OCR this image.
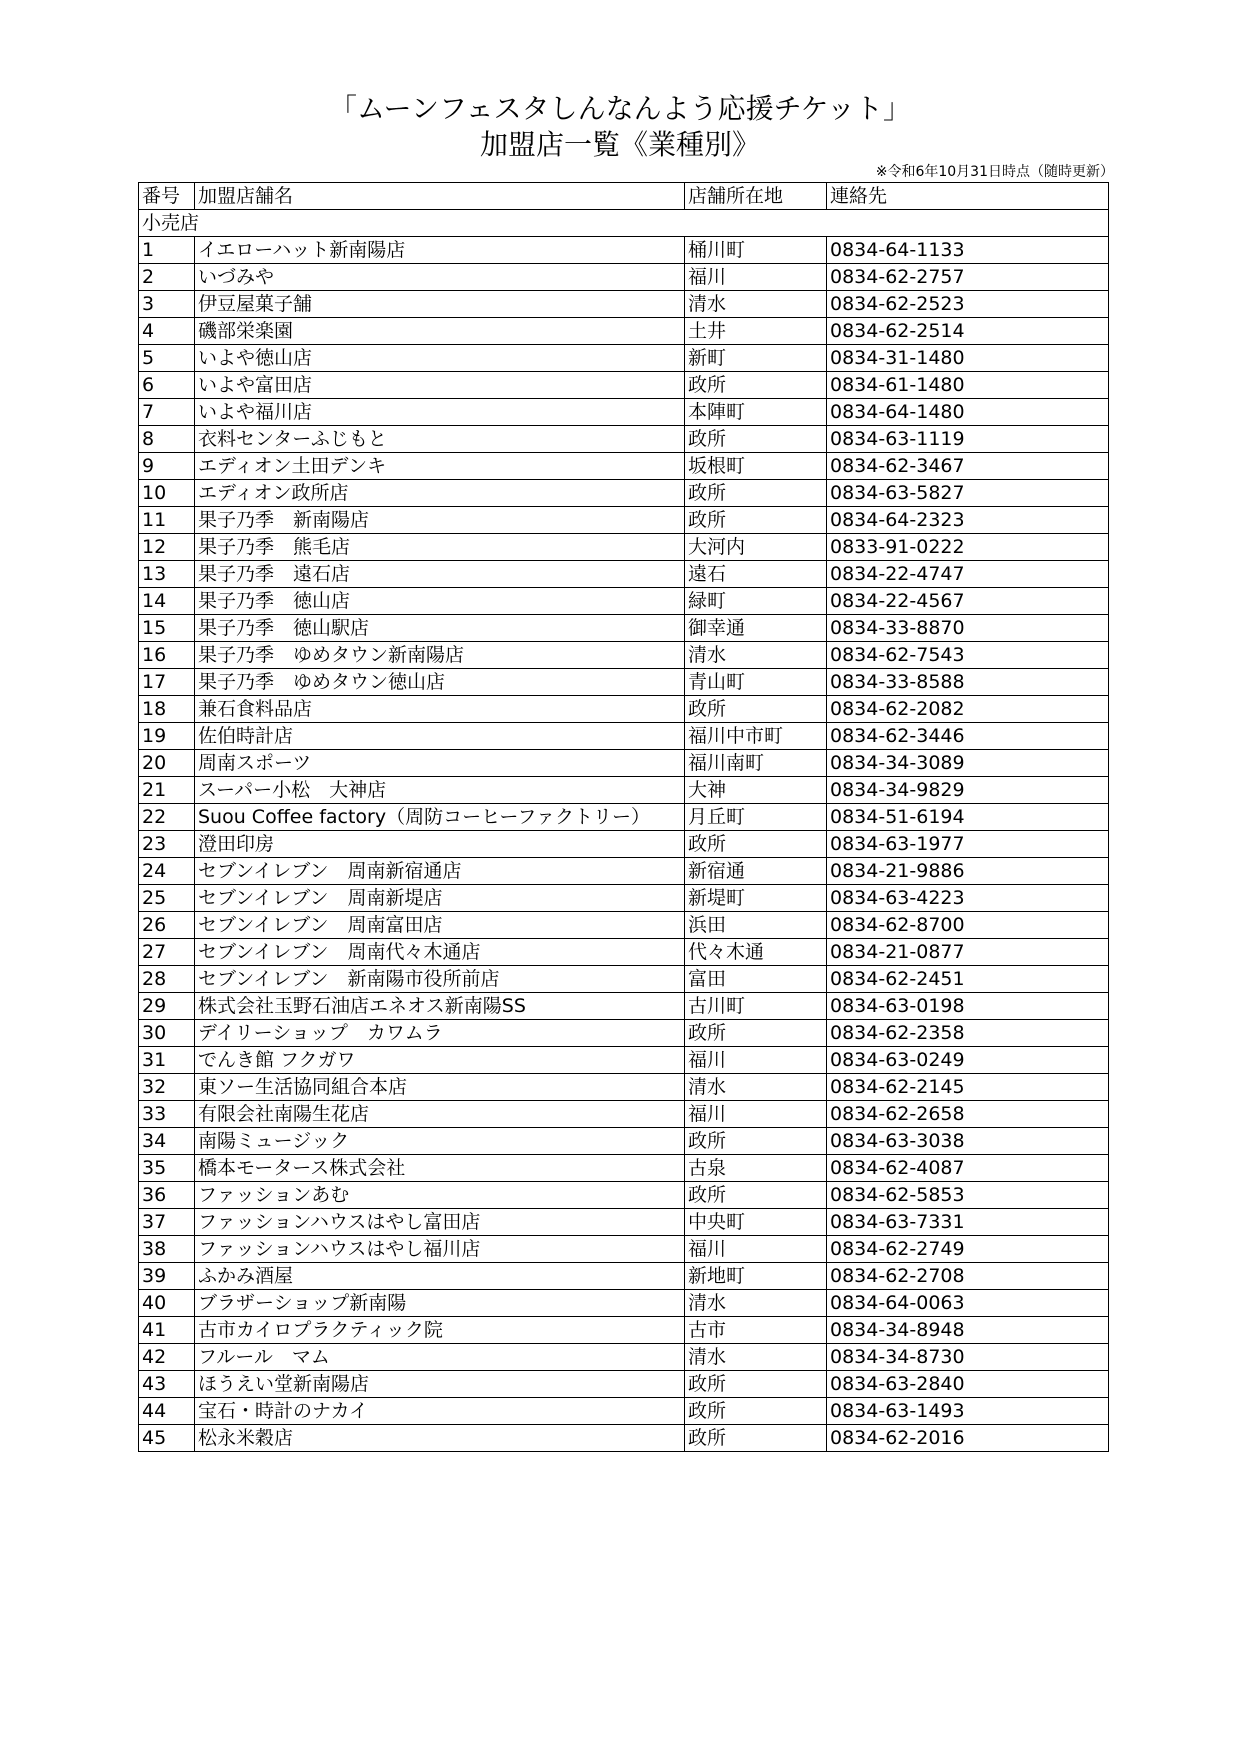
「ムーンフェスタしんなんよう応援チケット」
加盟店一覧《業種別》
※令和6年10月31日時点（随時更新）
番号	加盟店舗名	店舗所在地	連絡先
小売店			
1	イエローハット新南陽店	桶川町	0834-64-1133
2	いづみや	福川	0834-62-2757
3	伊豆屋菓子舗	清水	0834-62-2523
4	磯部栄楽園	土井	0834-62-2514
5	いよや徳山店	新町	0834-31-1480
6	いよや富田店	政所	0834-61-1480
7	いよや福川店	本陣町	0834-64-1480
8	衣料センターふじもと	政所	0834-63-1119
9	エディオン土田デンキ	坂根町	0834-62-3467
10	エディオン政所店	政所	0834-63-5827
11	果子乃季　新南陽店	政所	0834-64-2323
12	果子乃季　熊毛店	大河内	0833-91-0222
13	果子乃季　遠石店	遠石	0834-22-4747
14	果子乃季　徳山店	緑町	0834-22-4567
15	果子乃季　徳山駅店	御幸通	0834-33-8870
16	果子乃季　ゆめタウン新南陽店	清水	0834-62-7543
17	果子乃季　ゆめタウン徳山店	青山町	0834-33-8588
18	兼石食料品店	政所	0834-62-2082
19	佐伯時計店	福川中市町	0834-62-3446
20	周南スポーツ	福川南町	0834-34-3089
21	スーパー小松　大神店	大神	0834-34-9829
22	Suou Coffee factory（周防コーヒーファクトリー）	月丘町	0834-51-6194
23	澄田印房	政所	0834-63-1977
24	セブンイレブン　周南新宿通店	新宿通	0834-21-9886
25	セブンイレブン　周南新堤店	新堤町	0834-63-4223
26	セブンイレブン　周南富田店	浜田	0834-62-8700
27	セブンイレブン　周南代々木通店	代々木通	0834-21-0877
28	セブンイレブン　新南陽市役所前店	富田	0834-62-2451
29	株式会社玉野石油店エネオス新南陽SS	古川町	0834-63-0198
30	デイリーショップ　カワムラ	政所	0834-62-2358
31	でんき館 フクガワ	福川	0834-63-0249
32	東ソー生活協同組合本店	清水	0834-62-2145
33	有限会社南陽生花店	福川	0834-62-2658
34	南陽ミュージック	政所	0834-63-3038
35	橋本モータース株式会社	古泉	0834-62-4087
36	ファッションあむ	政所	0834-62-5853
37	ファッションハウスはやし富田店	中央町	0834-63-7331
38	ファッションハウスはやし福川店	福川	0834-62-2749
39	ふかみ酒屋	新地町	0834-62-2708
40	ブラザーショップ新南陽	清水	0834-64-0063
41	古市カイロプラクティック院	古市	0834-34-8948
42	フルール　マム	清水	0834-34-8730
43	ほうえい堂新南陽店	政所	0834-63-2840
44	宝石・時計のナカイ	政所	0834-63-1493
45	松永米穀店	政所	0834-62-2016
